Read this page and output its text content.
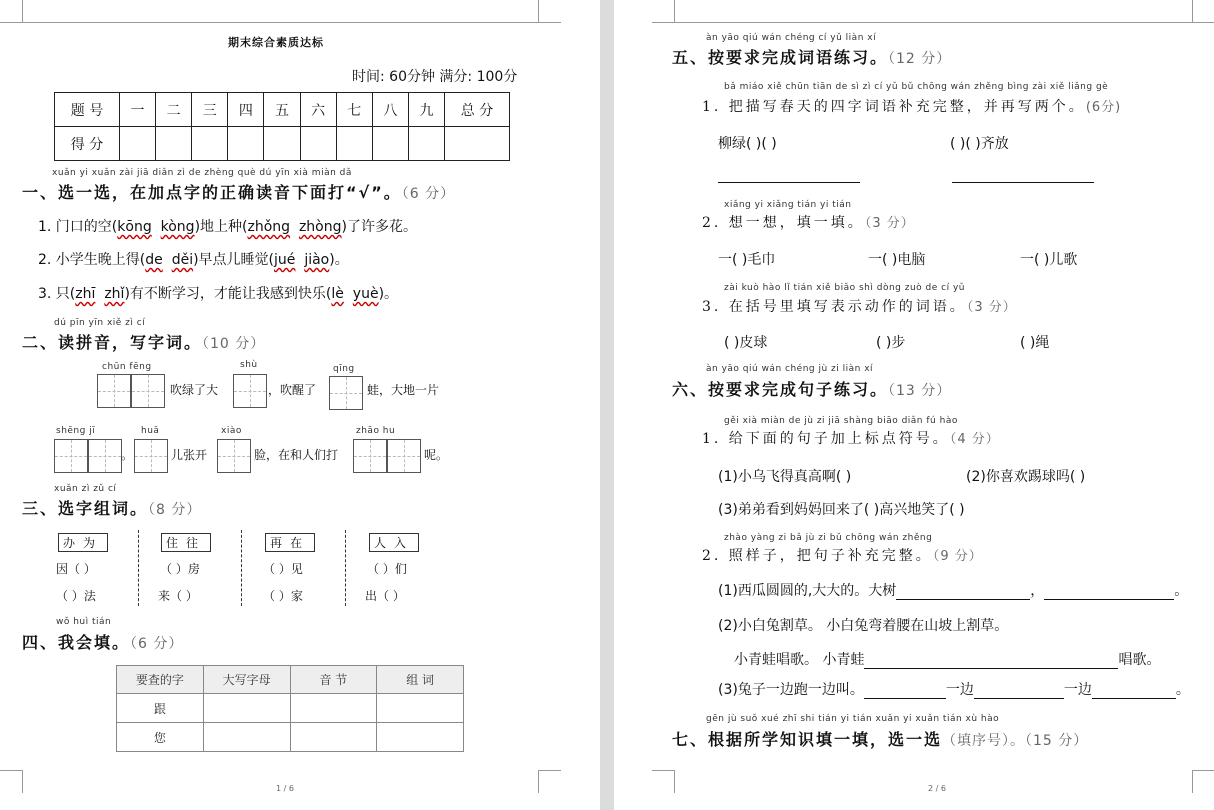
期末综合素质达标
时间: 60分钟 满分: 100分
题 号	一	二	三	四	五	六	七	八	九	总 分
得 分										
xuǎn yi xuǎn zài jiā diǎn zì de zhèng què dú yīn xià miàn dǎ
一、选一选，在加点字的正确读音下面打“√”。（6 分）
1. 门口的空(kōng kòng)地上种(zhǒng zhòng)了许多花。
2. 小学生晚上得(de děi)早点儿睡觉(jué jiào)。
3. 只(zhī zhǐ)有不断学习，才能让我感到快乐(lè yuè)。
dú pīn yīn xiě zì cí
二、读拼音，写字词。（10 分）
chūn fēng
吹绿了大
shù
，吹醒了
qīng
蛙，大地一片
shēng jī
。
huā
儿张开
xiào
脸，在和人们打
zhāo hu
呢。
xuǎn zì zǔ cí
三、选字组词。（8 分）
办为
因（ ）
（ ）法
住往
（ ）房
来（ ）
再在
（ ）见
（ ）家
人入
（ ）们
出（ ）
wǒ huì tián
四、我会填。（6 分）
要查的字	大写字母	音 节	组 词
跟			
您			
1 / 6
àn yāo qiú wán chéng cí yǔ liàn xí
五、按要求完成词语练习。（12 分）
bǎ miáo xiě chūn tiān de sì zì cí yǔ bǔ chōng wán zhěng bìng zài xiě liǎng gè
1. 把描写春天的四字词语补充完整，并再写两个。(6分)
柳绿( )( )	( )( )齐放
xiǎng yi xiǎng tián yi tián
2. 想一想，填一填。（3 分）
一( )毛巾	一( )电脑	一( )儿歌
zài kuò hào lǐ tián xiě biǎo shì dòng zuò de cí yǔ
3. 在括号里填写表示动作的词语。（3 分）
( )皮球	( )步	( )绳
àn yāo qiú wán chéng jù zi liàn xí
六、按要求完成句子练习。（13 分）
gěi xià miàn de jù zi jiā shàng biāo diǎn fú hào
1. 给下面的句子加上标点符号。（4 分）
(1)小乌飞得真高啊( )	(2)你喜欢踢球吗( )
(3)弟弟看到妈妈回来了( )高兴地笑了( )
zhào yàng zi bǎ jù zi bǔ chōng wán zhěng
2. 照样子，把句子补充完整。（9 分）
(1)西瓜圆圆的,大大的。大树	，	。
(2)小白兔割草。 小白兔弯着腰在山坡上割草。
小青蛙唱歌。 小青蛙	唱歌。
(3)兔子一边跑一边叫。	一边	一边	。
gēn jù suǒ xué zhī shi tián yi tián xuǎn yi xuǎn tián xù hào
七、根据所学知识填一填，选一选（填序号）。（15 分）
2 / 6
